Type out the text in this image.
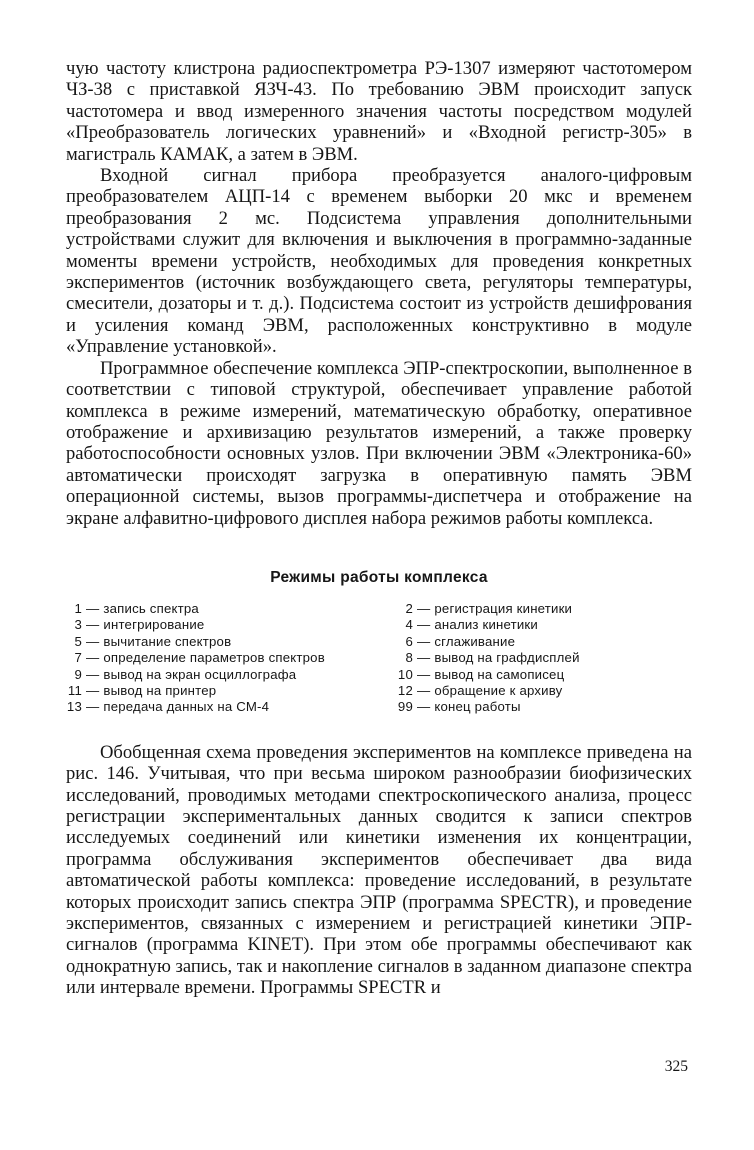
чую частоту клистрона радиоспектрометра РЭ-1307 измеряют частотомером ЧЗ-38 с приставкой ЯЗЧ-43. По требованию ЭВМ происходит запуск частотомера и ввод измеренного значения частоты посредством модулей «Преобразователь логических уравнений» и «Входной регистр-305» в магистраль КАМАК, а затем в ЭВМ.

Входной сигнал прибора преобразуется аналого-цифровым преобразователем АЦП-14 с временем выборки 20 мкс и временем преобразования 2 мс. Подсистема управления дополнительными устройствами служит для включения и выключения в программно-заданные моменты времени устройств, необходимых для проведения конкретных экспериментов (источник возбуждающего света, регуляторы температуры, смесители, дозаторы и т. д.). Подсистема состоит из устройств дешифрования и усиления команд ЭВМ, расположенных конструктивно в модуле «Управление установкой».

Программное обеспечение комплекса ЭПР-спектроскопии, выполненное в соответствии с типовой структурой, обеспечивает управление работой комплекса в режиме измерений, математическую обработку, оперативное отображение и архивизацию результатов измерений, а также проверку работоспособности основных узлов. При включении ЭВМ «Электроника-60» автоматически происходят загрузка в оперативную память ЭВМ операционной системы, вызов программы-диспетчера и отображение на экране алфавитно-цифрового дисплея набора режимов работы комплекса.

Режимы работы комплекса
1 — запись спектра	2 — регистрация кинетики
3 — интегрирование	4 — анализ кинетики
5 — вычитание спектров	6 — сглаживание
7 — определение параметров спектров	8 — вывод на графдисплей
9 — вывод на экран осциллографа	10 — вывод на самописец
11 — вывод на принтер	12 — обращение к архиву
13 — передача данных на СМ-4	99 — конец работы

Обобщенная схема проведения экспериментов на комплексе приведена на рис. 146. Учитывая, что при весьма широком разнообразии биофизических исследований, проводимых методами спектроскопического анализа, процесс регистрации экспериментальных данных сводится к записи спектров исследуемых соединений или кинетики изменения их концентрации, программа обслуживания экспериментов обеспечивает два вида автоматической работы комплекса: проведение исследований, в результате которых происходит запись спектра ЭПР (программа SPECTR), и проведение экспериментов, связанных с измерением и регистрацией кинетики ЭПР-сигналов (программа KINET). При этом обе программы обеспечивают как однократную запись, так и накопление сигналов в заданном диапазоне спектра или интервале времени. Программы SPECTR и

325
